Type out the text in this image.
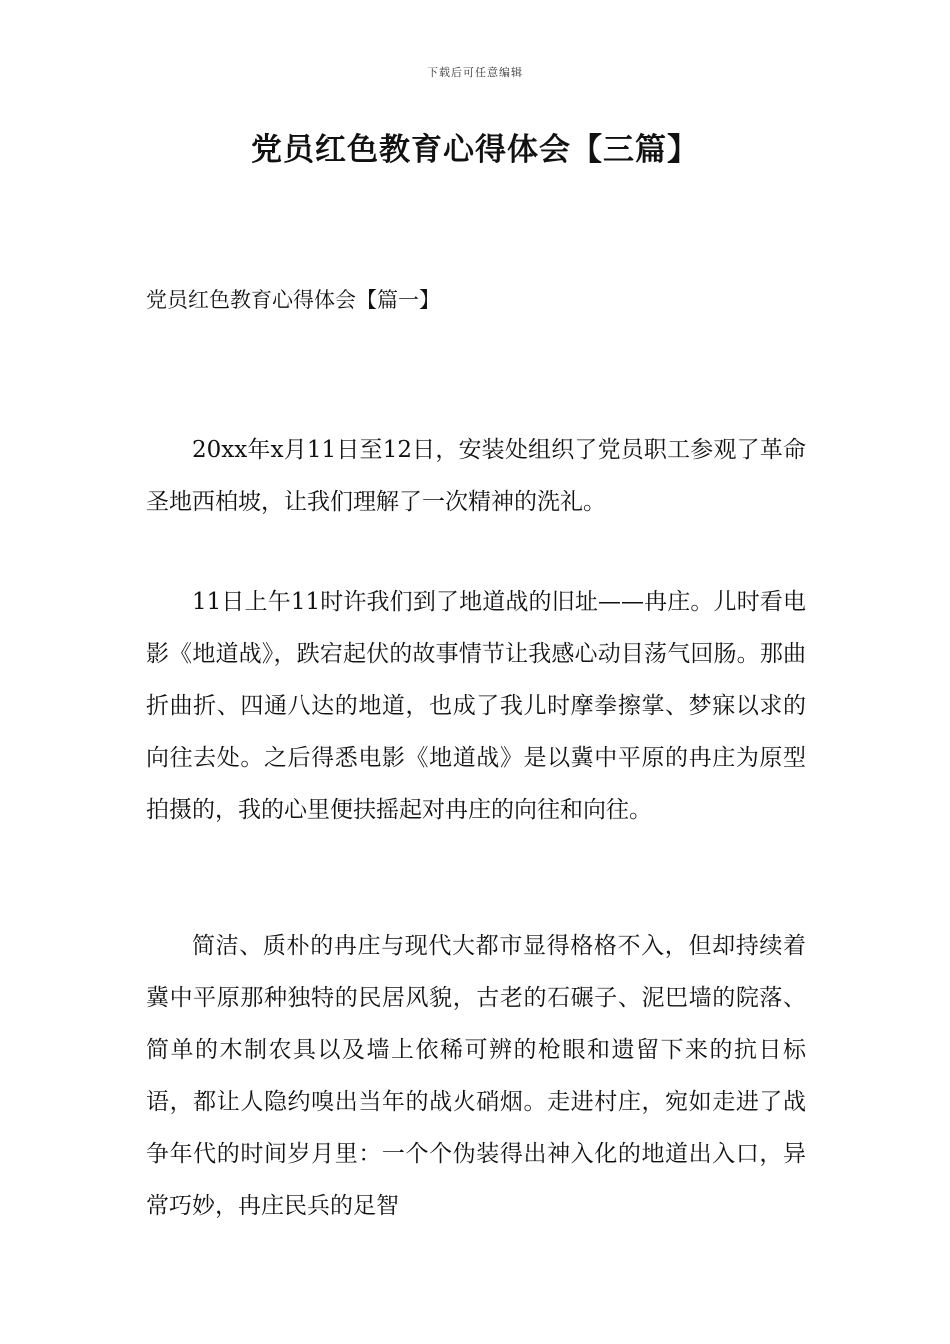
下载后可任意编辑
党员红色教育心得体会【三篇】
党员红色教育心得体会【篇一】

20xx年x月11日至12日，安装处组织了党员职工参观了革命圣地西柏坡，让我们理解了一次精神的洗礼。

11日上午11时许我们到了地道战的旧址——冉庄。儿时看电影《地道战》，跌宕起伏的故事情节让我感心动目荡气回肠。那曲折曲折、四通八达的地道，也成了我儿时摩拳擦掌、梦寐以求的向往去处。之后得悉电影《地道战》是以冀中平原的冉庄为原型拍摄的，我的心里便扶摇起对冉庄的向往和向往。

简洁、质朴的冉庄与现代大都市显得格格不入，但却持续着冀中平原那种独特的民居风貌，古老的石碾子、泥巴墙的院落、简单的木制农具以及墙上依稀可辨的枪眼和遗留下来的抗日标语，都让人隐约嗅出当年的战火硝烟。走进村庄，宛如走进了战争年代的时间岁月里：一个个伪装得出神入化的地道出入口，异常巧妙，冉庄民兵的足智
